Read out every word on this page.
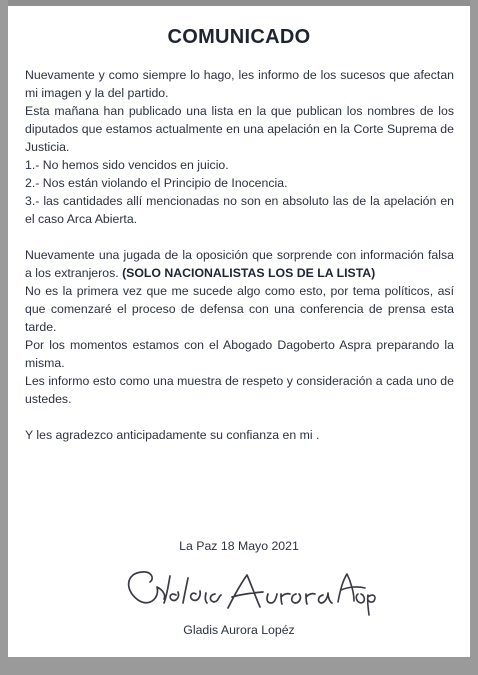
COMUNICADO

Nuevamente y como siempre lo hago, les informo de los sucesos que afectan mi imagen y la del partido.

Esta mañana han publicado una lista en la que publican los nombres de los diputados que estamos actualmente en una apelación en la Corte Suprema de Justicia.

1.- No hemos sido vencidos en juicio.

2.- Nos están violando el Principio de Inocencia.

3.- las cantidades allí mencionadas no son en absoluto las de la apelación en el caso Arca Abierta.

Nuevamente una jugada de la oposición que sorprende con información falsa a los extranjeros. (SOLO NACIONALISTAS LOS DE LA LISTA)

No es la primera vez que me sucede algo como esto, por tema políticos, así que comenzaré el proceso de defensa con una conferencia de prensa esta tarde.

Por los momentos estamos con el Abogado Dagoberto Aspra preparando la misma.

Les informo esto como una muestra de respeto y consideración a cada uno de ustedes.

Y les agradezco anticipadamente su confianza en mi .

La Paz 18 Mayo 2021
Gladis Aurora Lopéz
